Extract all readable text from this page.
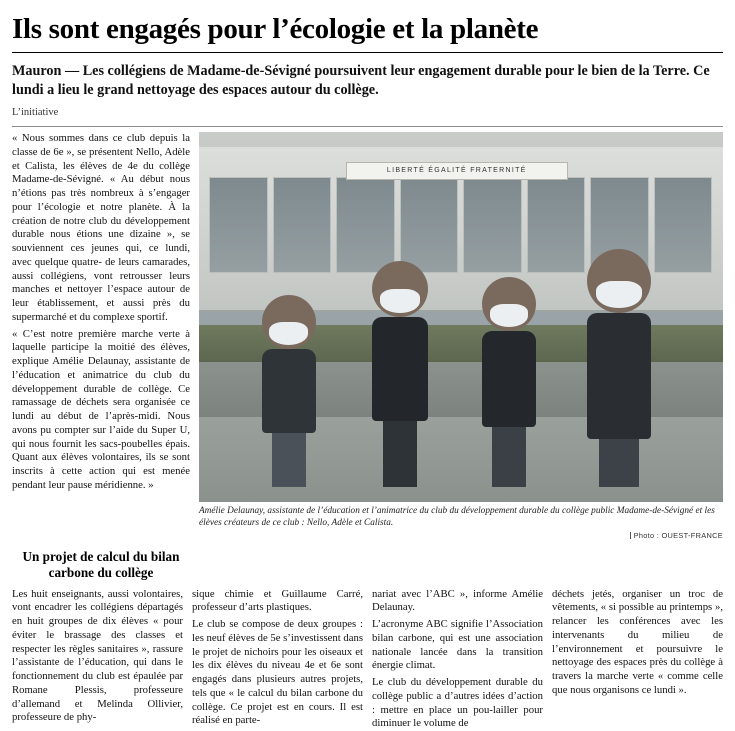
Ils sont engagés pour l’écologie et la planète

Mauron — Les collégiens de Madame-de-Sévigné poursuivent leur engagement durable pour le bien de la Terre. Ce lundi a lieu le grand nettoyage des espaces autour du collège.

L’initiative

« Nous sommes dans ce club depuis la classe de 6e », se présentent Nello, Adèle et Calista, les élèves de 4e du collège Madame-de-Sévigné. « Au début nous n’étions pas très nombreux à s’engager pour l’écologie et notre planète. À la création de notre club du développement durable nous étions une dizaine », se souviennent ces jeunes qui, ce lundi, avec quelque quatre- de leurs camarades, aussi collégiens, vont retrousser leurs manches et nettoyer l’espace autour de leur établissement, et aussi près du supermarché et du complexe sportif.

« C’est notre première marche verte à laquelle participe la moitié des élèves, explique Amélie Delaunay, assistante de l’éducation et animatrice du club du développement durable de collège. Ce ramassage de déchets sera organisée ce lundi au début de l’après-midi. Nous avons pu compter sur l’aide du Super U, qui nous fournit les sacs-poubelles épais. Quant aux élèves volontaires, ils se sont inscrits à cette action qui est menée pendant leur pause méridienne. »

LIBERTÉ ÉGALITÉ FRATERNITÉ
Amélie Delaunay, assistante de l’éducation et l’animatrice du club du développement durable du collège public Madame-de-Sévigné et les élèves créateurs de ce club : Nello, Adèle et Calista.
Photo : OUEST-FRANCE
Un projet de calcul du bilan carbone du collège

Les huit enseignants, aussi volontaires, vont encadrer les collégiens départagés en huit groupes de dix élèves « pour éviter le brassage des classes et respecter les règles sanitaires », rassure l’assistante de l’éducation, qui dans le fonctionnement du club est épaulée par Romane Plessis, professeure d’allemand et Melinda Ollivier, professeure de phy-

sique chimie et Guillaume Carré, professeur d’arts plastiques.

Le club se compose de deux groupes : les neuf élèves de 5e s’investissent dans le projet de nichoirs pour les oiseaux et les dix élèves du niveau 4e et 6e sont engagés dans plusieurs autres projets, tels que « le calcul du bilan carbone du collège. Ce projet est en cours. Il est réalisé en parte-

nariat avec l’ABC », informe Amélie Delaunay.

L’acronyme ABC signifie l’Association bilan carbone, qui est une association nationale lancée dans la transition énergie climat.

Le club du développement durable du collège public a d’autres idées d’action : mettre en place un pou-lailler pour diminuer le volume de

déchets jetés, organiser un troc de vêtements, « si possible au printemps », relancer les conférences avec les intervenants du milieu de l’environnement et poursuivre le nettoyage des espaces près du collège à travers la marche verte « comme celle que nous organisons ce lundi ».
